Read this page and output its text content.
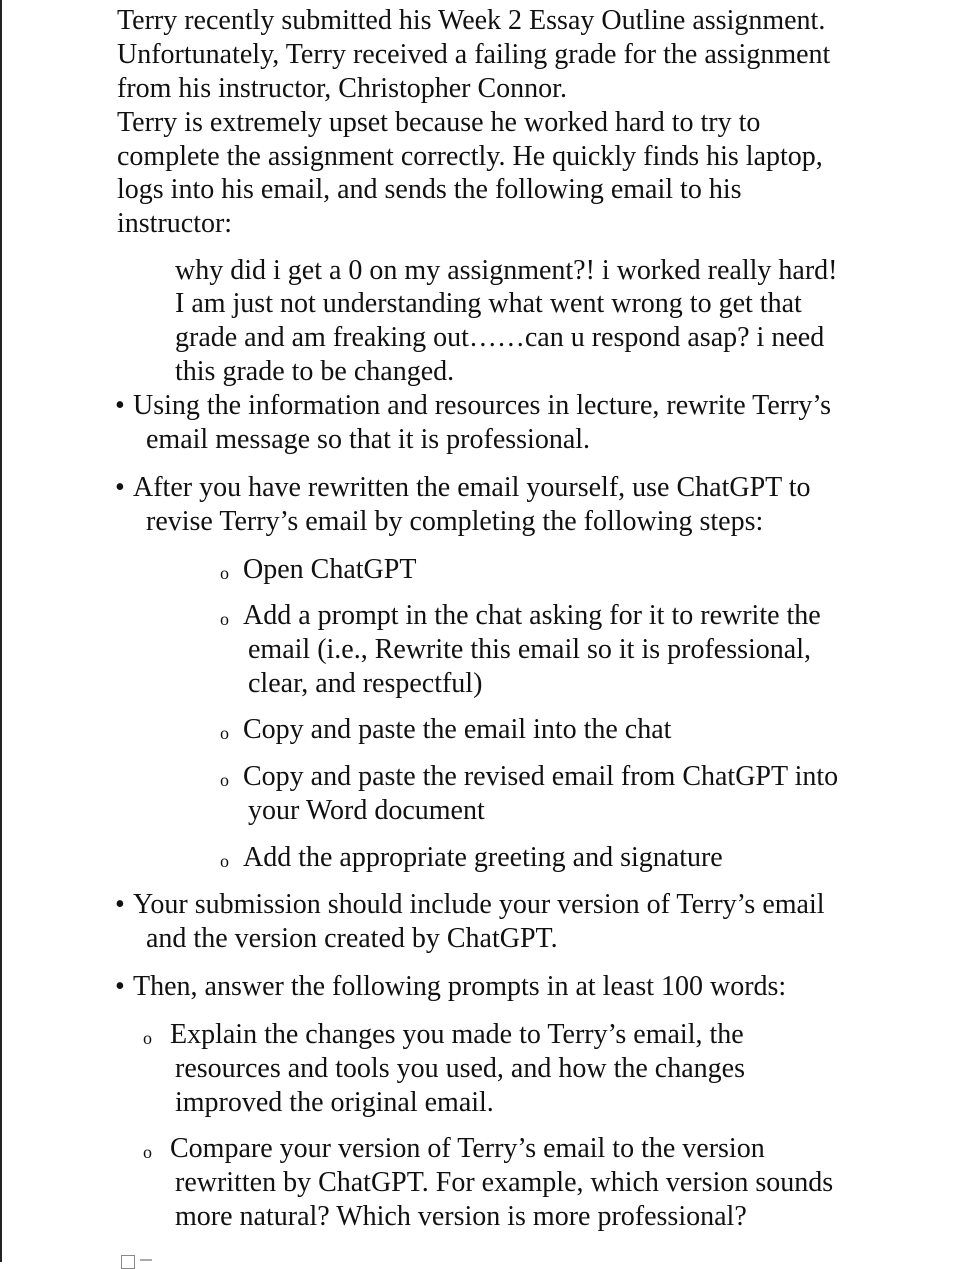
Terry recently submitted his Week 2 Essay Outline assignment.
Unfortunately, Terry received a failing grade for the assignment
from his instructor, Christopher Connor.
Terry is extremely upset because he worked hard to try to
complete the assignment correctly. He quickly finds his laptop,
logs into his email, and sends the following email to his
instructor:
why did i get a 0 on my assignment?! i worked really hard!
I am just not understanding what went wrong to get that
grade and am freaking out……can u respond asap? i need
this grade to be changed.
• Using the information and resources in lecture, rewrite Terry’s
email message so that it is professional.
• After you have rewritten the email yourself, use ChatGPT to
revise Terry’s email by completing the following steps:
o Open ChatGPT
o Add a prompt in the chat asking for it to rewrite the
email (i.e., Rewrite this email so it is professional,
clear, and respectful)
o Copy and paste the email into the chat
o Copy and paste the revised email from ChatGPT into
your Word document
o Add the appropriate greeting and signature
• Your submission should include your version of Terry’s email
and the version created by ChatGPT.
• Then, answer the following prompts in at least 100 words:
o Explain the changes you made to Terry’s email, the
resources and tools you used, and how the changes
improved the original email.
o Compare your version of Terry’s email to the version
rewritten by ChatGPT. For example, which version sounds
more natural? Which version is more professional?
